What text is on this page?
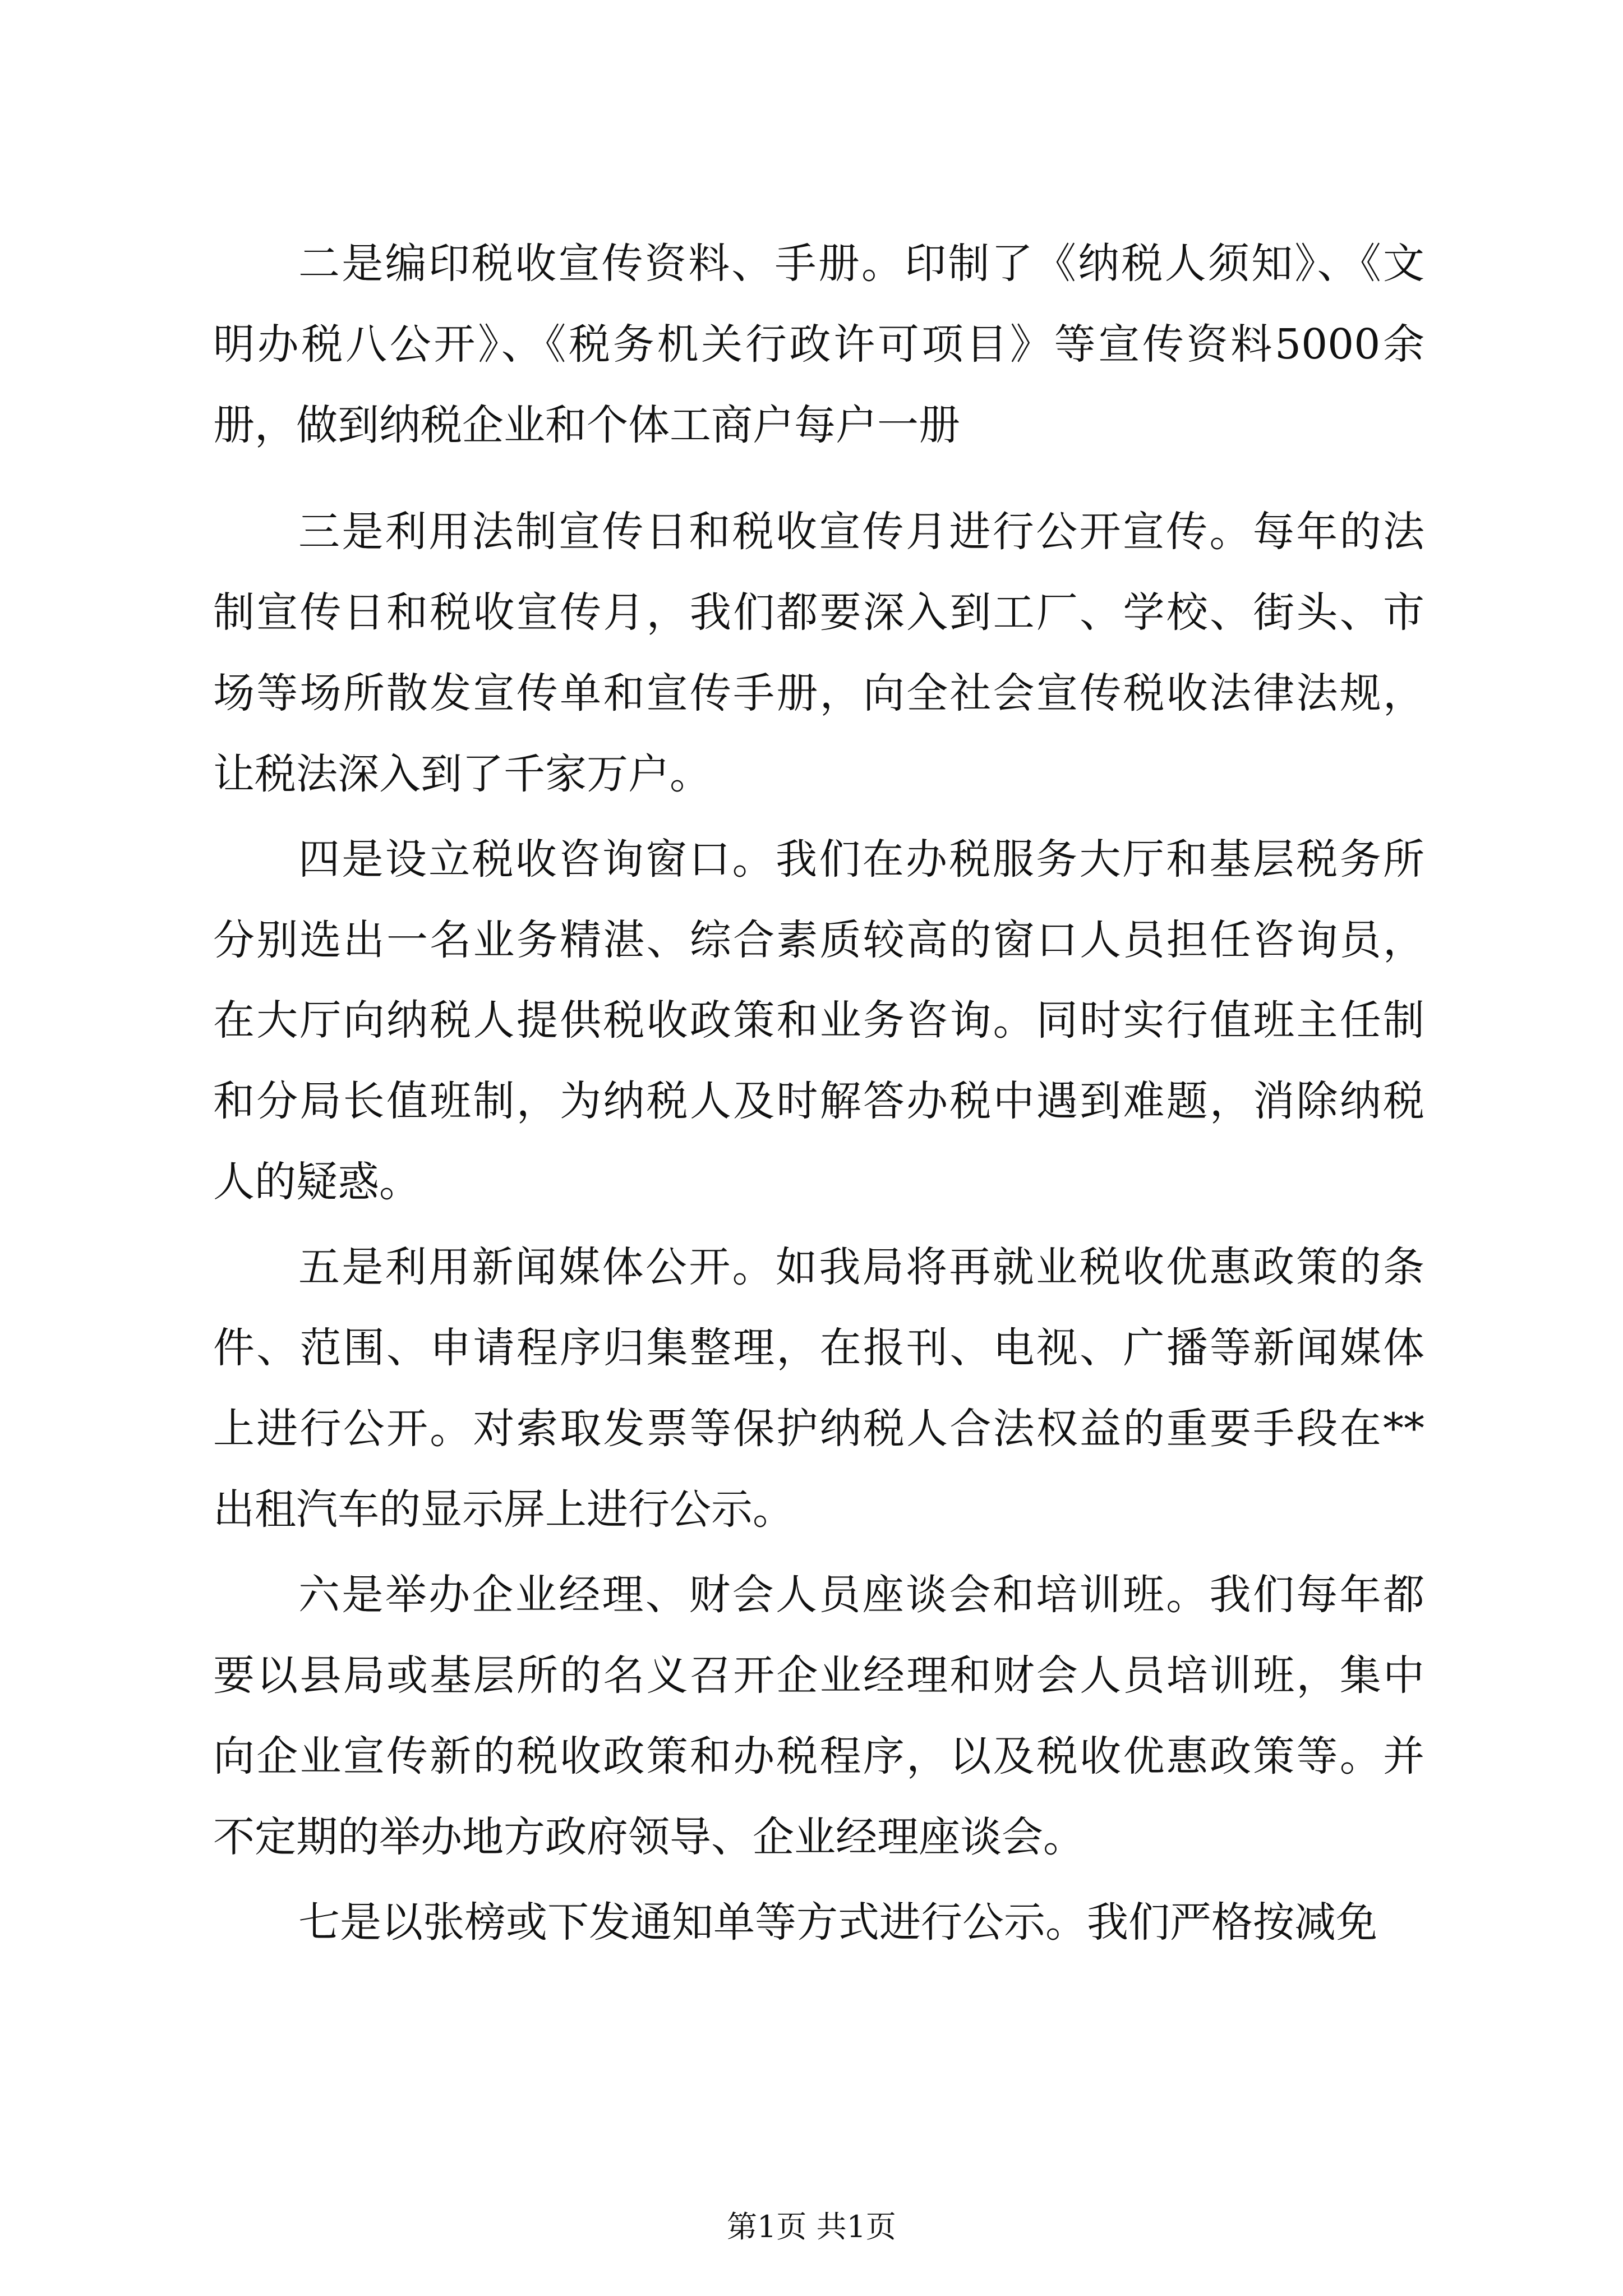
二是编印税收宣传资料、手册。印制了《纳税人须知》、《文
明办税八公开》、《税务机关行政许可项目》等宣传资料5000余
册，做到纳税企业和个体工商户每户一册
三是利用法制宣传日和税收宣传月进行公开宣传。每年的法
制宣传日和税收宣传月，我们都要深入到工厂、学校、街头、市
场等场所散发宣传单和宣传手册，向全社会宣传税收法律法规，
让税法深入到了千家万户。
四是设立税收咨询窗口。我们在办税服务大厅和基层税务所
分别选出一名业务精湛、综合素质较高的窗口人员担任咨询员，
在大厅向纳税人提供税收政策和业务咨询。同时实行值班主任制
和分局长值班制，为纳税人及时解答办税中遇到难题，消除纳税
人的疑惑。
五是利用新闻媒体公开。如我局将再就业税收优惠政策的条
件、范围、申请程序归集整理，在报刊、电视、广播等新闻媒体
上进行公开。对索取发票等保护纳税人合法权益的重要手段在**
出租汽车的显示屏上进行公示。
六是举办企业经理、财会人员座谈会和培训班。我们每年都
要以县局或基层所的名义召开企业经理和财会人员培训班，集中
向企业宣传新的税收政策和办税程序，以及税收优惠政策等。并
不定期的举办地方政府领导、企业经理座谈会。
七是以张榜或下发通知单等方式进行公示。我们严格按减免
第1页 共1页
